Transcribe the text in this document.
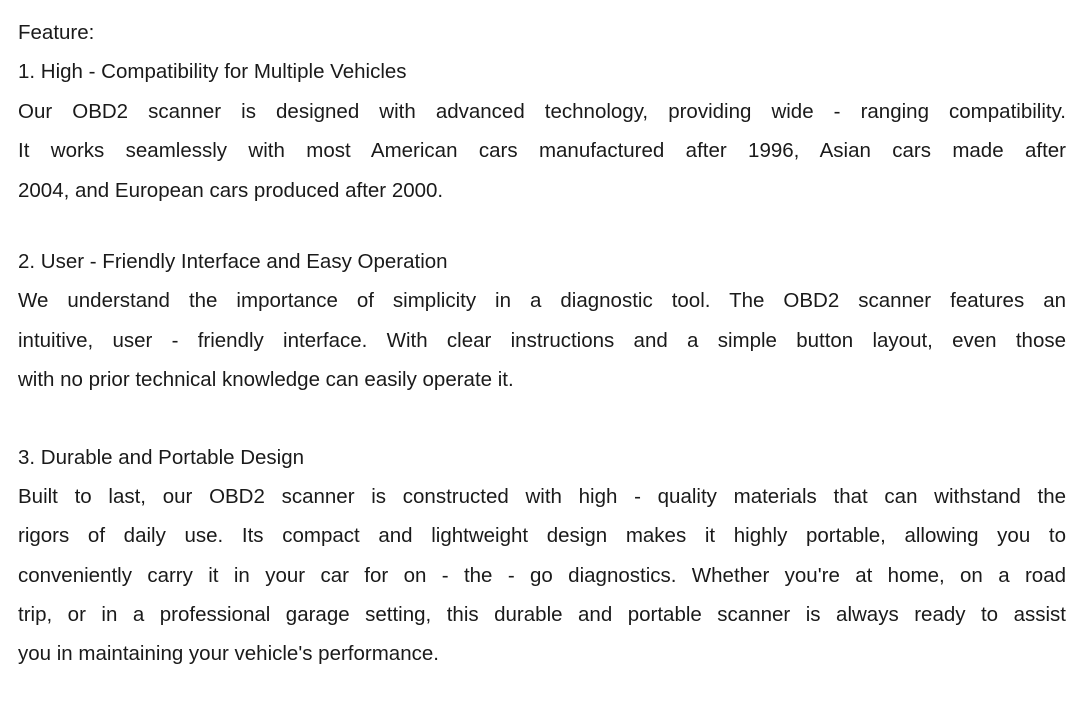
Feature:
1. High - Compatibility for Multiple Vehicles
Our OBD2 scanner is designed with advanced technology, providing wide - ranging compatibility.
It works seamlessly with most American cars manufactured after 1996, Asian cars made after
2004, and European cars produced after 2000.
2. User - Friendly Interface and Easy Operation
We understand the importance of simplicity in a diagnostic tool. The OBD2 scanner features an
intuitive, user - friendly interface. With clear instructions and a simple button layout, even those
with no prior technical knowledge can easily operate it.
3. Durable and Portable Design
Built to last, our OBD2 scanner is constructed with high - quality materials that can withstand the
rigors of daily use. Its compact and lightweight design makes it highly portable, allowing you to
conveniently carry it in your car for on - the - go diagnostics. Whether you're at home, on a road
trip, or in a professional garage setting, this durable and portable scanner is always ready to assist
you in maintaining your vehicle's performance.
